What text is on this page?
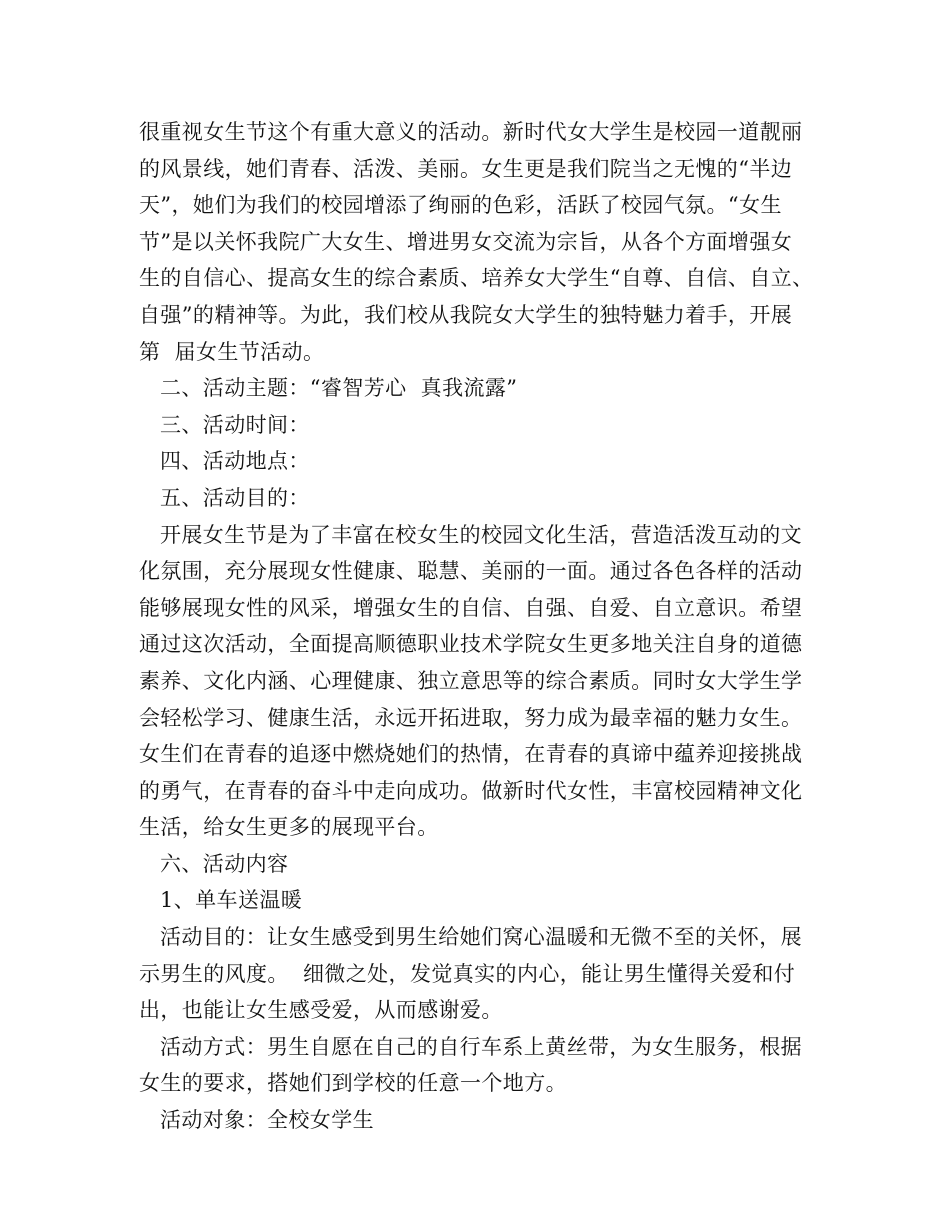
很重视女生节这个有重大意义的活动。新时代女大学生是校园一道靓丽
的风景线，她们青春、活泼、美丽。女生更是我们院当之无愧的“半边
天”，她们为我们的校园增添了绚丽的色彩，活跃了校园气氛。“女生
节”是以关怀我院广大女生、增进男女交流为宗旨，从各个方面增强女
生的自信心、提高女生的综合素质、培养女大学生“自尊、自信、自立、
自强”的精神等。为此，我们校从我院女大学生的独特魅力着手，开展
第  届女生节活动。
二、活动主题：“睿智芳心  真我流露”
三、活动时间：
四、活动地点：
五、活动目的：
开展女生节是为了丰富在校女生的校园文化生活，营造活泼互动的文
化氛围，充分展现女性健康、聪慧、美丽的一面。通过各色各样的活动
能够展现女性的风采，增强女生的自信、自强、自爱、自立意识。希望
通过这次活动，全面提高顺德职业技术学院女生更多地关注自身的道德
素养、文化内涵、心理健康、独立意思等的综合素质。同时女大学生学
会轻松学习、健康生活，永远开拓进取，努力成为最幸福的魅力女生。
女生们在青春的追逐中燃烧她们的热情，在青春的真谛中蕴养迎接挑战
的勇气，在青春的奋斗中走向成功。做新时代女性，丰富校园精神文化
生活，给女生更多的展现平台。
六、活动内容
1、单车送温暖
活动目的：让女生感受到男生给她们窝心温暖和无微不至的关怀，展
示男生的风度。  细微之处，发觉真实的内心，能让男生懂得关爱和付
出，也能让女生感受爱，从而感谢爱。
活动方式：男生自愿在自己的自行车系上黄丝带，为女生服务，根据
女生的要求，搭她们到学校的任意一个地方。
活动对象：全校女学生
